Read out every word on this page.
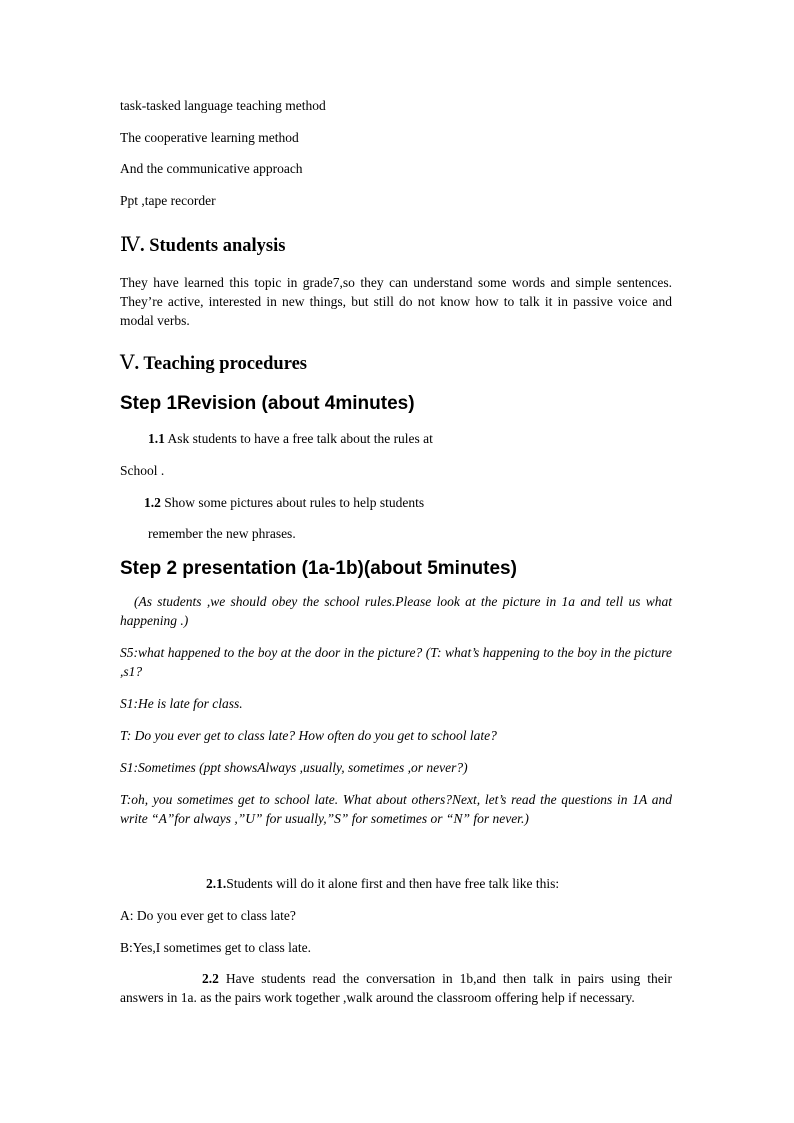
task-tasked language teaching method

The cooperative learning method

And the communicative approach

Ppt ,tape recorder

Ⅳ. Students analysis

They have learned this topic in grade7,so they can understand some words and simple sentences. They’re active, interested in new things, but still do not know how to talk it in passive voice and modal verbs.

Ⅴ. Teaching procedures
Step 1Revision (about 4minutes)

1.1 Ask students to have a free talk about the rules at

School .

1.2 Show some pictures about rules to help students

remember the new phrases.

Step 2 presentation (1a-1b)(about 5minutes)

(As students ,we should obey the school rules.Please look at the picture in 1a and tell us what happening .)

S5:what happened to the boy at the door in the picture? (T: what’s happening to the boy in the picture ,s1?

S1:He is late for class.

T: Do you ever get to class late? How often do you get to school late?

S1:Sometimes (ppt showsAlways ,usually, sometimes ,or never?)

T:oh, you sometimes get to school late. What about others?Next, let’s read the questions in 1A and write “A”for always ,”U” for usually,”S” for sometimes or “N” for never.)

2.1.Students will do it alone first and then have free talk like this:

A: Do you ever get to class late?

B:Yes,I sometimes get to class late.

2.2 Have students read the conversation in 1b,and then talk in pairs using their answers in 1a. as the pairs work together ,walk around the classroom offering help if necessary.
